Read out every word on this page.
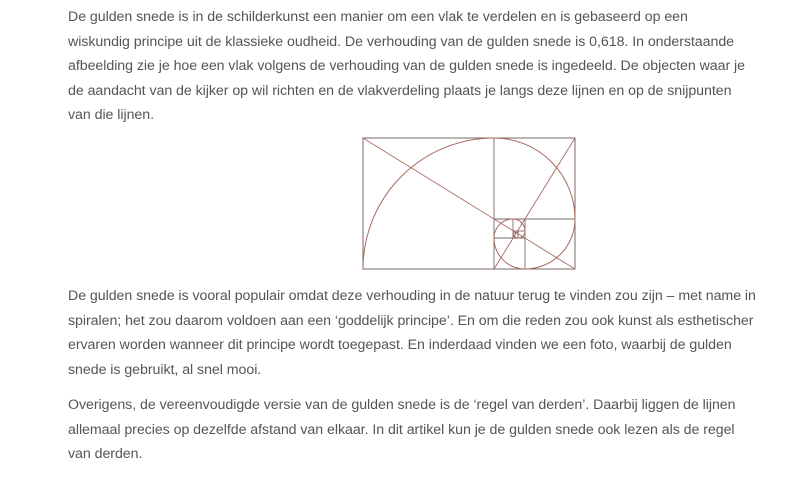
De gulden snede is in de schilderkunst een manier om een vlak te verdelen en is gebaseerd op een wiskundig principe uit de klassieke oudheid. De verhouding van de gulden snede is 0,618. In onderstaande afbeelding zie je hoe een vlak volgens de verhouding van de gulden snede is ingedeeld. De objecten waar je de aandacht van de kijker op wil richten en de vlakverdeling plaats je langs deze lijnen en op de snijpunten van die lijnen.

De gulden snede is vooral populair omdat deze verhouding in de natuur terug te vinden zou zijn – met name in spiralen; het zou daarom voldoen aan een ‘goddelijk principe’. En om die reden zou ook kunst als esthetischer ervaren worden wanneer dit principe wordt toegepast. En inderdaad vinden we een foto, waarbij de gulden snede is gebruikt, al snel mooi.

Overigens, de vereenvoudigde versie van de gulden snede is de ‘regel van derden’. Daarbij liggen de lijnen allemaal precies op dezelfde afstand van elkaar. In dit artikel kun je de gulden snede ook lezen als de regel van derden.
